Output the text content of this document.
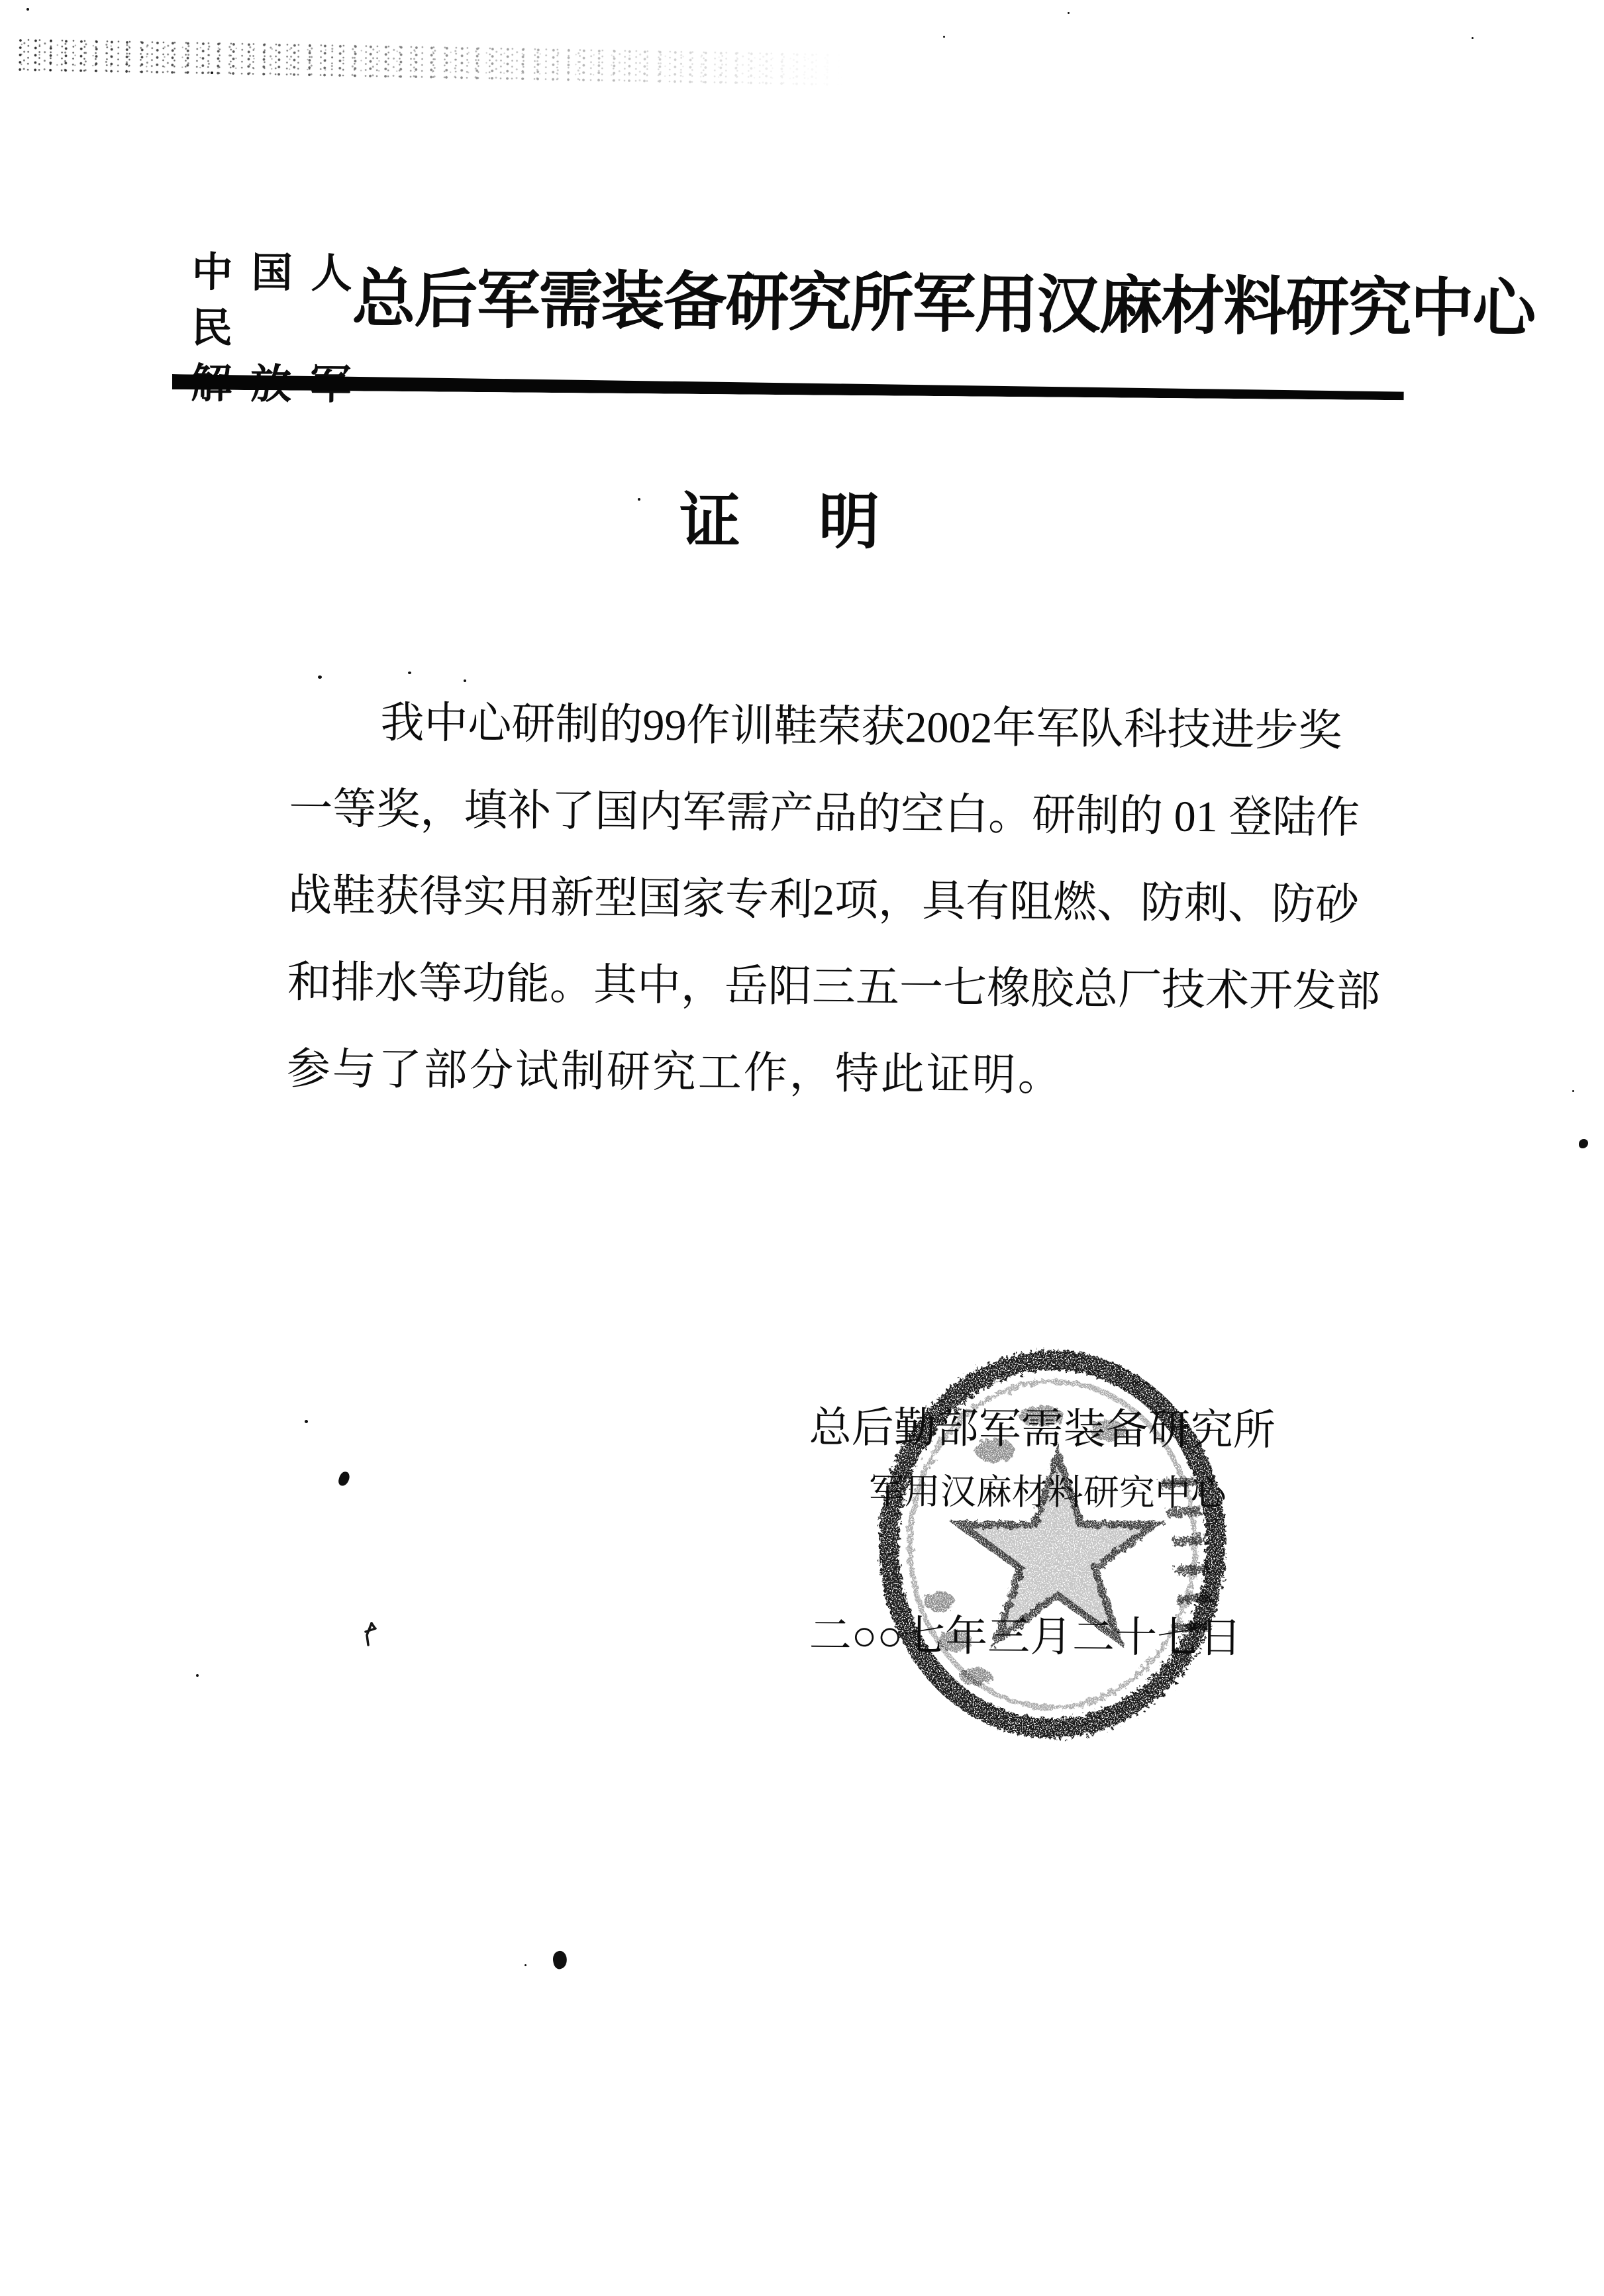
中国人民	总后军需装备研究所军用汉麻材料研究中心
证 明
我中心研制的99作训鞋荣获2002年军队科技进步奖
一等奖，填补了国内军需产品的空白。研制的 01 登陆作
战鞋获得实用新型国家专利2项，具有阻燃、防刺、防砂
和排水等功能。其中，岳阳三五一七橡胶总厂技术开发部
参与了部分试制研究工作，特此证明。
总后勤部军需装备研究所
军用汉麻材料研究中心
二○○七年三月二十七日
